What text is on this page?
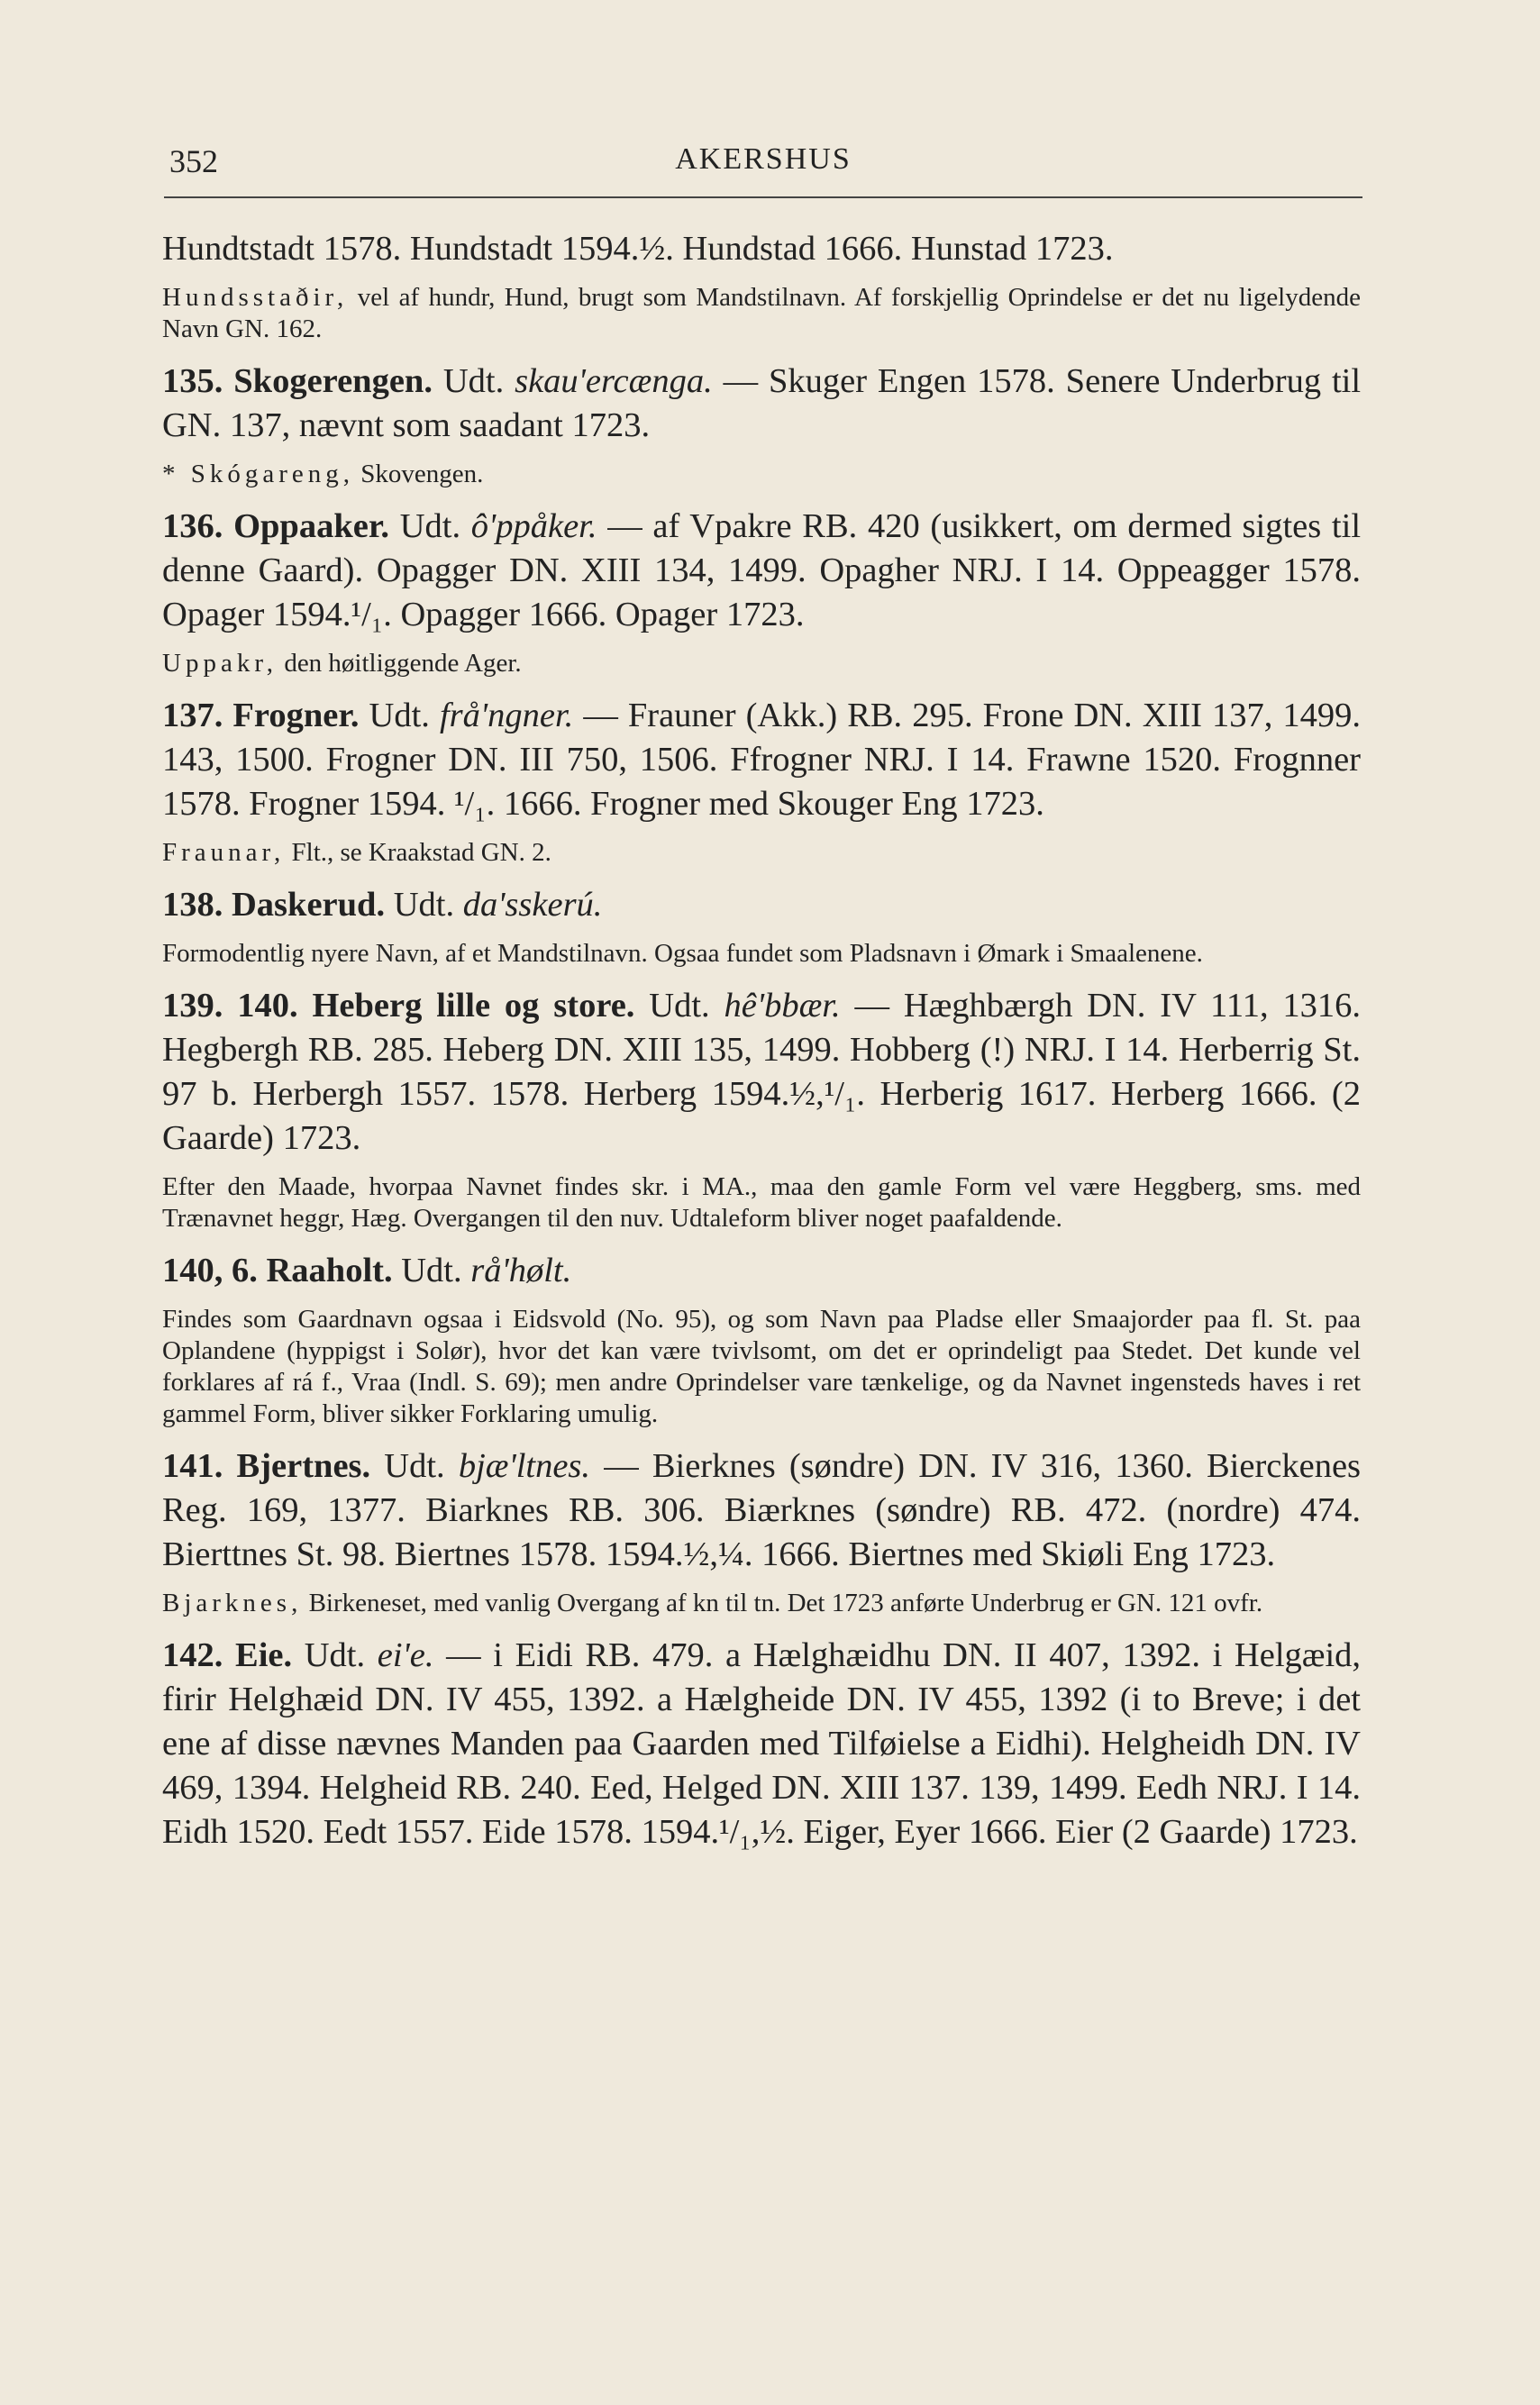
352	AKERSHUS

Hundtstadt 1578. Hundstadt 1594.½. Hundstad 1666. Hunstad 1723.

Hundsstaðir, vel af hundr, Hund, brugt som Mandstilnavn. Af forskjellig Oprindelse er det nu ligelydende Navn GN. 162.

135. Skogerengen. Udt. skau'ercænga. — Skuger Engen 1578. Senere Underbrug til GN. 137, nævnt som saadant 1723.

* Skógareng, Skovengen.

136. Oppaaker. Udt. ô'ppåker. — af Vpakre RB. 420 (usikkert, om dermed sigtes til denne Gaard). Opagger DN. XIII 134, 1499. Opagher NRJ. I 14. Oppeagger 1578. Opager 1594.¹/₁. Opagger 1666. Opager 1723.

Uppakr, den høitliggende Ager.

137. Frogner. Udt. frå'ngner. — Frauner (Akk.) RB. 295. Frone DN. XIII 137, 1499. 143, 1500. Frogner DN. III 750, 1506. Ffrogner NRJ. I 14. Frawne 1520. Frognner 1578. Frogner 1594. ¹/₁. 1666. Frogner med Skouger Eng 1723.

Fraunar, Flt., se Kraakstad GN. 2.

138. Daskerud. Udt. da'sskerú.

Formodentlig nyere Navn, af et Mandstilnavn. Ogsaa fundet som Pladsnavn i Ømark i Smaalenene.

139. 140. Heberg lille og store. Udt. hê'bbær. — Hæghbærgh DN. IV 111, 1316. Hegbergh RB. 285. Heberg DN. XIII 135, 1499. Hobberg (!) NRJ. I 14. Herberrig St. 97 b. Herbergh 1557. 1578. Herberg 1594.½,¹/₁. Herberig 1617. Herberg 1666. (2 Gaarde) 1723.

Efter den Maade, hvorpaa Navnet findes skr. i MA., maa den gamle Form vel være Heggberg, sms. med Trænavnet heggr, Hæg. Overgangen til den nuv. Udtaleform bliver noget paafaldende.

140, 6. Raaholt. Udt. rå'hølt.

Findes som Gaardnavn ogsaa i Eidsvold (No. 95), og som Navn paa Pladse eller Smaajorder paa fl. St. paa Oplandene (hyppigst i Solør), hvor det kan være tvivlsomt, om det er oprindeligt paa Stedet. Det kunde vel forklares af rá f., Vraa (Indl. S. 69); men andre Oprindelser vare tænkelige, og da Navnet ingensteds haves i ret gammel Form, bliver sikker Forklaring umulig.

141. Bjertnes. Udt. bjæ'ltnes. — Bierknes (søndre) DN. IV 316, 1360. Bierckenes Reg. 169, 1377. Biarknes RB. 306. Biærknes (søndre) RB. 472. (nordre) 474. Bierttnes St. 98. Biertnes 1578. 1594.½,¼. 1666. Biertnes med Skiøli Eng 1723.

Bjarknes, Birkeneset, med vanlig Overgang af kn til tn. Det 1723 anførte Underbrug er GN. 121 ovfr.

142. Eie. Udt. ei'e. — i Eidi RB. 479. a Hælghæidhu DN. II 407, 1392. i Helgæid, firir Helghæid DN. IV 455, 1392. a Hælgheide DN. IV 455, 1392 (i to Breve; i det ene af disse nævnes Manden paa Gaarden med Tilføielse a Eidhi). Helgheidh DN. IV 469, 1394. Helgheid RB. 240. Eed, Helged DN. XIII 137. 139, 1499. Eedh NRJ. I 14. Eidh 1520. Eedt 1557. Eide 1578. 1594.¹/₁,½. Eiger, Eyer 1666. Eier (2 Gaarde) 1723.
